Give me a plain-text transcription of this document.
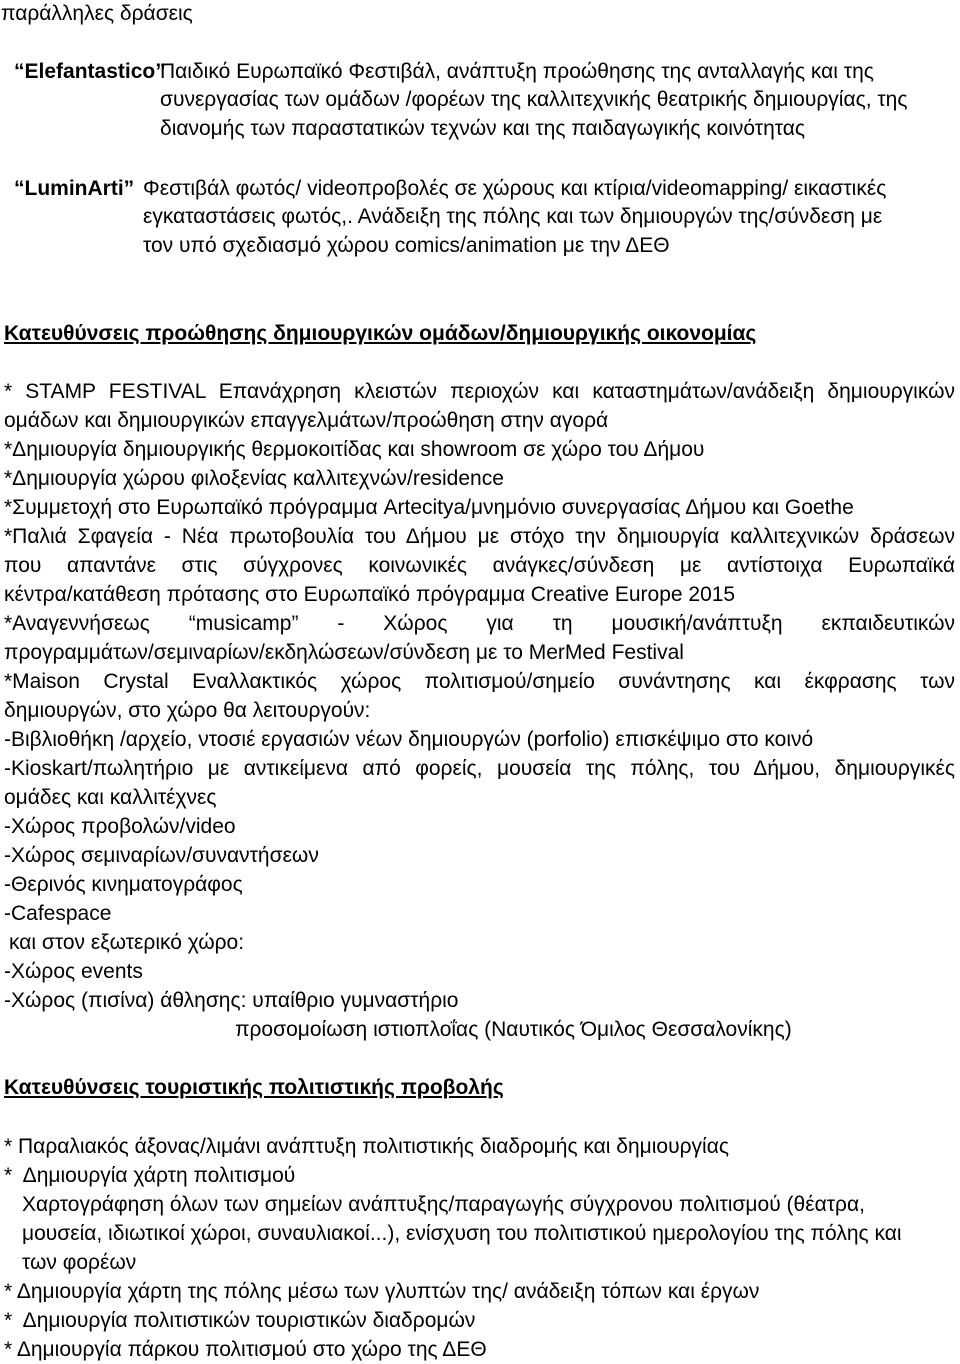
παράλληλες δράσεις
“Elefantastico”
Παιδικό Ευρωπαϊκό Φεστιβάλ, ανάπτυξη προώθησης της ανταλλαγής και της
συνεργασίας των ομάδων /φορέων της καλλιτεχνικής θεατρικής δημιουργίας, της
διανομής των παραστατικών τεχνών και της παιδαγωγικής κοινότητας
“LuminArti” Φεστιβάλ φωτός/ videoπροβολές σε χώρους και κτίρια/videomapping/ εικαστικές
εγκαταστάσεις φωτός,. Ανάδειξη της πόλης και των δημιουργών της/σύνδεση με
τον υπό σχεδιασμό χώρου comics/animation με την ΔΕΘ
Κατευθύνσεις προώθησης δημιουργικών ομάδων/δημιουργικής οικονομίας
* STAMP FESTIVAL Επανάχρηση κλειστών περιοχών και καταστημάτων/ανάδειξη δημιουργικών
ομάδων και δημιουργικών επαγγελμάτων/προώθηση στην αγορά
*Δημιουργία δημιουργικής θερμοκοιτίδας και showroom σε χώρο του Δήμου
*Δημιουργία χώρου φιλοξενίας καλλιτεχνών/residence
*Συμμετοχή στο Ευρωπαϊκό πρόγραμμα Artecitya/μνημόνιο συνεργασίας Δήμου και Goethe
*Παλιά Σφαγεία - Νέα πρωτοβουλία του Δήμου με στόχο την δημιουργία καλλιτεχνικών δράσεων
που απαντάνε στις σύγχρονες κοινωνικές ανάγκες/σύνδεση με αντίστοιχα Ευρωπαϊκά
κέντρα/κατάθεση πρότασης στο Ευρωπαϊκό πρόγραμμα Creative Europe 2015
*Αναγεννήσεως “musicamp” - Χώρος για τη μουσική/ανάπτυξη εκπαιδευτικών
προγραμμάτων/σεμιναρίων/εκδηλώσεων/σύνδεση με το MerMed Festival
*Maison Crystal Εναλλακτικός χώρος πολιτισμού/σημείο συνάντησης και έκφρασης των
δημιουργών, στο χώρο θα λειτουργούν:
-Βιβλιοθήκη /αρχείο, ντοσιέ εργασιών νέων δημιουργών (porfolio) επισκέψιμο στο κοινό
-Kioskart/πωλητήριο με αντικείμενα από φορείς, μουσεία της πόλης, του Δήμου, δημιουργικές
ομάδες και καλλιτέχνες
-Χώρος προβολών/video
-Χώρος σεμιναρίων/συναντήσεων
-Θερινός κινηματογράφος
-Cafespace
και στον εξωτερικό χώρο:
-Χώρος events
-Χώρος (πισίνα) άθλησης: υπαίθριο γυμναστήριο
προσομοίωση ιστιοπλοΐας (Ναυτικός Όμιλος Θεσσαλονίκης)
Κατευθύνσεις τουριστικής πολιτιστικής προβολής
* Παραλιακός άξονας/λιμάνι ανάπτυξη πολιτιστικής διαδρομής και δημιουργίας
*  Δημιουργία χάρτη πολιτισμού
Χαρτογράφηση όλων των σημείων ανάπτυξης/παραγωγής σύγχρονου πολιτισμού (θέατρα,
μουσεία, ιδιωτικοί χώροι, συναυλιακοί...), ενίσχυση του πολιτιστικού ημερολογίου της πόλης και
των φορέων
* Δημιουργία χάρτη της πόλης μέσω των γλυπτών της/ ανάδειξη τόπων και έργων
*  Δημιουργία πολιτιστικών τουριστικών διαδρομών
* Δημιουργία πάρκου πολιτισμού στο χώρο της ΔΕΘ
